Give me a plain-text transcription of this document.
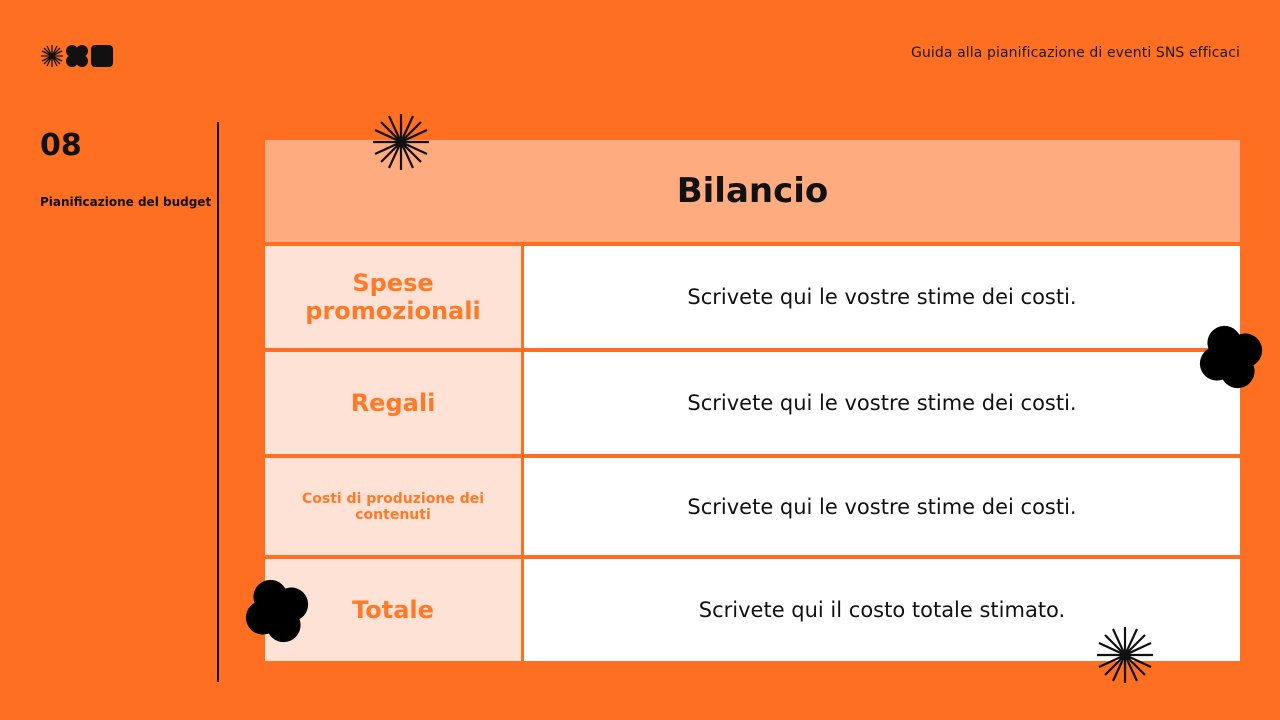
Guida alla pianificazione di eventi SNS efficaci
08
Pianificazione del budget	Bilancio
Spese promozionali	Scrivete qui le vostre stime dei costi.
Regali	Scrivete qui le vostre stime dei costi.
Costi di produzione dei contenuti	Scrivete qui le vostre stime dei costi.
Totale	Scrivete qui il costo totale stimato.
